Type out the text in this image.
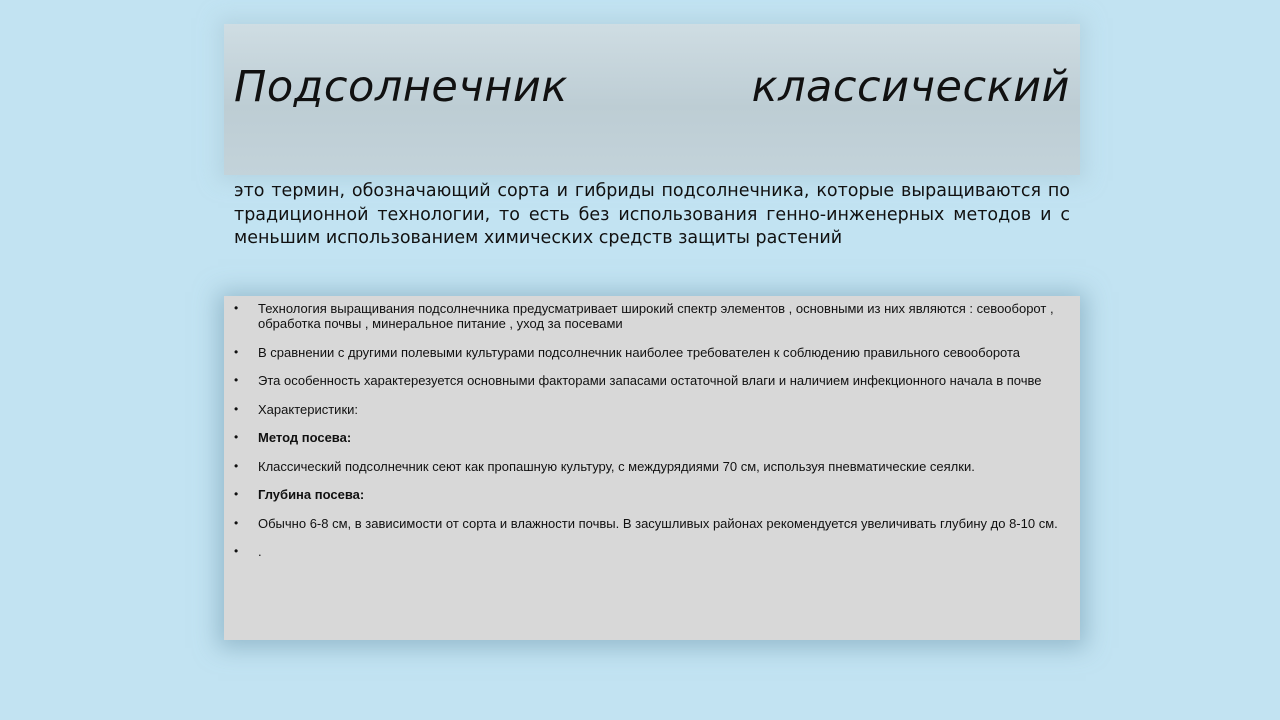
Подсолнечник	классический

это термин, обозначающий сорта и гибриды подсолнечника, которые выращиваются по традиционной технологии, то есть без использования генно-инженерных методов и с меньшим использованием химических средств защиты растений

• Технология выращивания подсолнечника предусматривает широкий спектр элементов , основными из них являются : севооборот , обработка почвы , минеральное питание , уход за посевами
• В сравнении с другими полевыми культурами подсолнечник наиболее требователен к соблюдению правильного севооборота
• Эта особенность характерезуется основными факторами запасами остаточной влаги и наличием инфекционного начала в почве
• Характеристики:
• Метод посева:
• Классический подсолнечник сеют как пропашную культуру, с междурядиями 70 см, используя пневматические сеялки.
• Глубина посева:
• Обычно 6-8 см, в зависимости от сорта и влажности почвы. В засушливых районах рекомендуется увеличивать глубину до 8-10 см.
• .
